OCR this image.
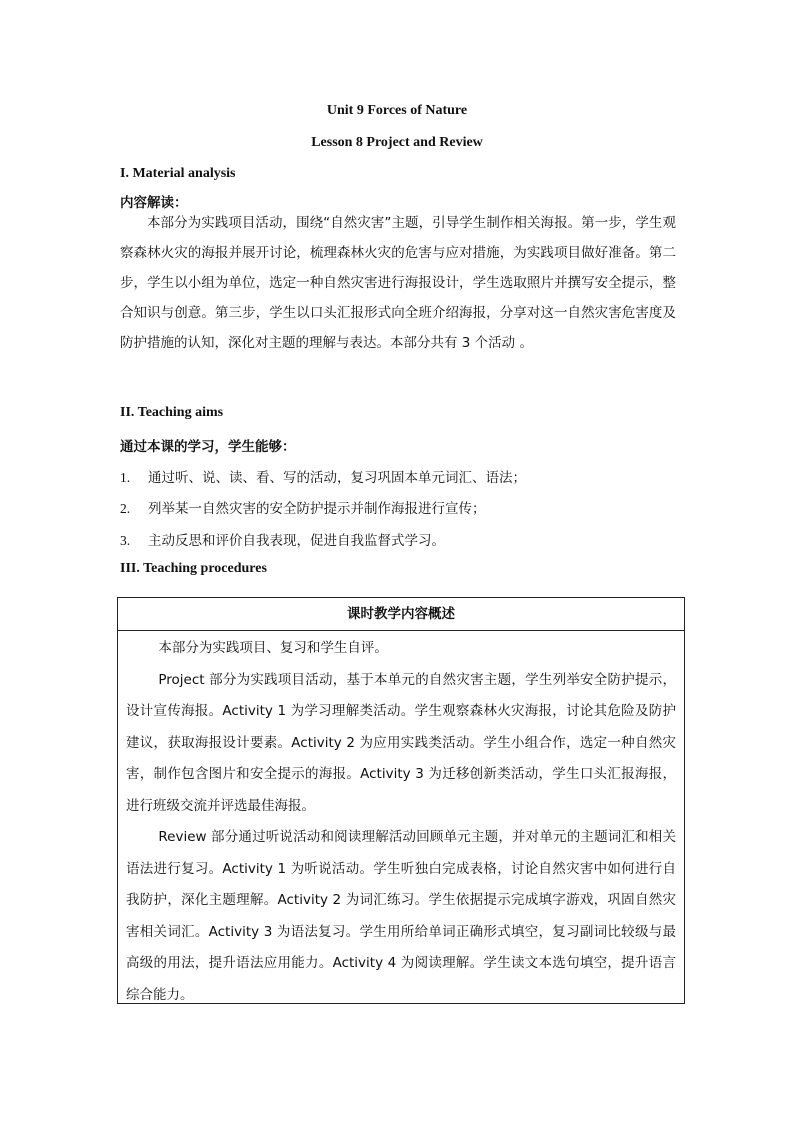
Unit 9 Forces of Nature
Lesson 8 Project and Review
I. Material analysis
内容解读：
本部分为实践项目活动，围绕“自然灾害”主题，引导学生制作相关海报。第一步，学生观察森林火灾的海报并展开讨论，梳理森林火灾的危害与应对措施，为实践项目做好准备。第二步，学生以小组为单位，选定一种自然灾害进行海报设计，学生选取照片并撰写安全提示，整合知识与创意。第三步，学生以口头汇报形式向全班介绍海报，分享对这一自然灾害危害度及防护措施的认知，深化对主题的理解与表达。本部分共有 3 个活动 。
II. Teaching aims
通过本课的学习，学生能够：
1. 通过听、说、读、看、写的活动，复习巩固本单元词汇、语法；
2. 列举某一自然灾害的安全防护提示并制作海报进行宣传；
3. 主动反思和评价自我表现，促进自我监督式学习。
III. Teaching procedures
课时教学内容概述

本部分为实践项目、复习和学生自评。

Project 部分为实践项目活动，基于本单元的自然灾害主题，学生列举安全防护提示，设计宣传海报。Activity 1 为学习理解类活动。学生观察森林火灾海报，讨论其危险及防护建议，获取海报设计要素。Activity 2 为应用实践类活动。学生小组合作，选定一种自然灾害，制作包含图片和安全提示的海报。Activity 3 为迁移创新类活动，学生口头汇报海报，进行班级交流并评选最佳海报。

Review 部分通过听说活动和阅读理解活动回顾单元主题，并对单元的主题词汇和相关语法进行复习。Activity 1 为听说活动。学生听独白完成表格，讨论自然灾害中如何进行自我防护，深化主题理解。Activity 2 为词汇练习。学生依据提示完成填字游戏，巩固自然灾害相关词汇。Activity 3 为语法复习。学生用所给单词正确形式填空，复习副词比较级与最高级的用法，提升语法应用能力。Activity 4 为阅读理解。学生读文本选句填空，提升语言综合能力。
